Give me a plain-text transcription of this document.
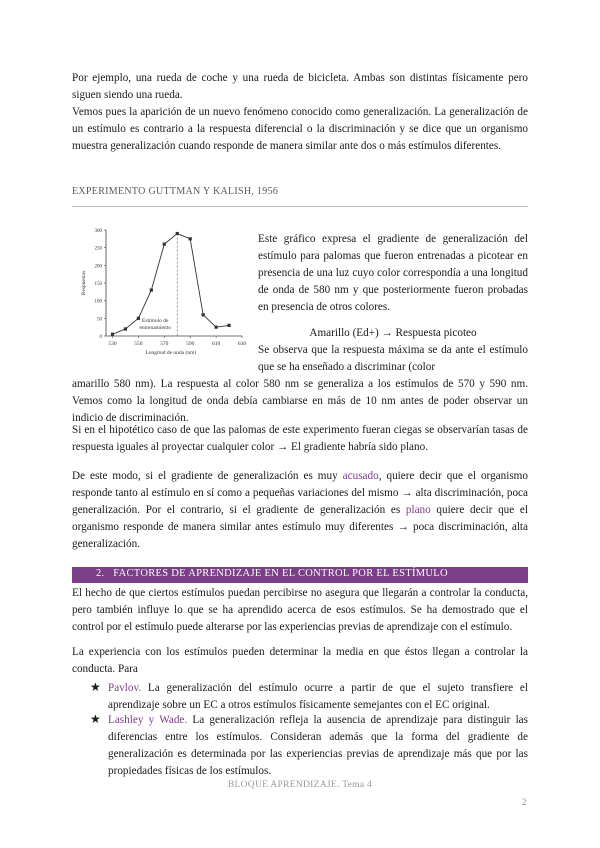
Por ejemplo, una rueda de coche y una rueda de bicicleta. Ambas son distintas físicamente pero siguen siendo una rueda.

Vemos pues la aparición de un nuevo fenómeno conocido como generalización. La generalización de un estímulo es contrario a la respuesta diferencial o la discriminación y se dice que un organismo muestra generalización cuando responde de manera similar ante dos o más estímulos diferentes.

EXPERIMENTO GUTTMAN Y KALISH, 1956
0
50
100
150
200
250
300
530	550	570	590	610	630
Longitud de onda (nm)
Respuestas
Estímulo de
entrenamiento

Este gráfico expresa el gradiente de generalización del estímulo para palomas que fueron entrenadas a picotear en presencia de una luz cuyo color correspondía a una longitud de onda de 580 nm y que posteriormente fueron probadas en presencia de otros colores.

Amarillo (Ed+) → Respuesta picoteo

Se observa que la respuesta máxima se da ante el estímulo que se ha enseñado a discriminar (color

amarillo 580 nm). La respuesta al color 580 nm se generaliza a los estímulos de 570 y 590 nm. Vemos como la longitud de onda debía cambiarse en más de 10 nm antes de poder observar un indicio de discriminación.

Si en el hipotético caso de que las palomas de este experimento fueran ciegas se observarían tasas de respuesta iguales al proyectar cualquier color → El gradiente habría sido plano.

De este modo, si el gradiente de generalización es muy acusado, quiere decir que el organismo responde tanto al estímulo en sí como a pequeñas variaciones del mismo → alta discriminación, poca generalización. Por el contrario, si el gradiente de generalización es plano quiere decir que el organismo responde de manera similar antes estímulo muy diferentes → poca discriminación, alta generalización.

2. FACTORES DE APRENDIZAJE EN EL CONTROL POR EL ESTÍMULO

El hecho de que ciertos estímulos puedan percibirse no asegura que llegarán a controlar la conducta, pero también influye lo que se ha aprendido acerca de esos estímulos. Se ha demostrado que el control por el estímulo puede alterarse por las experiencias previas de aprendizaje con el estímulo.

La experiencia con los estímulos pueden determinar la media en que éstos llegan a controlar la conducta. Para

★ Pavlov. La generalización del estímulo ocurre a partir de que el sujeto transfiere el aprendizaje sobre un EC a otros estímulos físicamente semejantes con el EC original.

★ Lashley y Wade. La generalización refleja la ausencia de aprendizaje para distinguir las diferencias entre los estímulos. Consideran además que la forma del gradiente de generalización es determinada por las experiencias previas de aprendizaje más que por las propiedades físicas de los estímulos.

BLOQUE APRENDIZAJE. Tema 4
2
